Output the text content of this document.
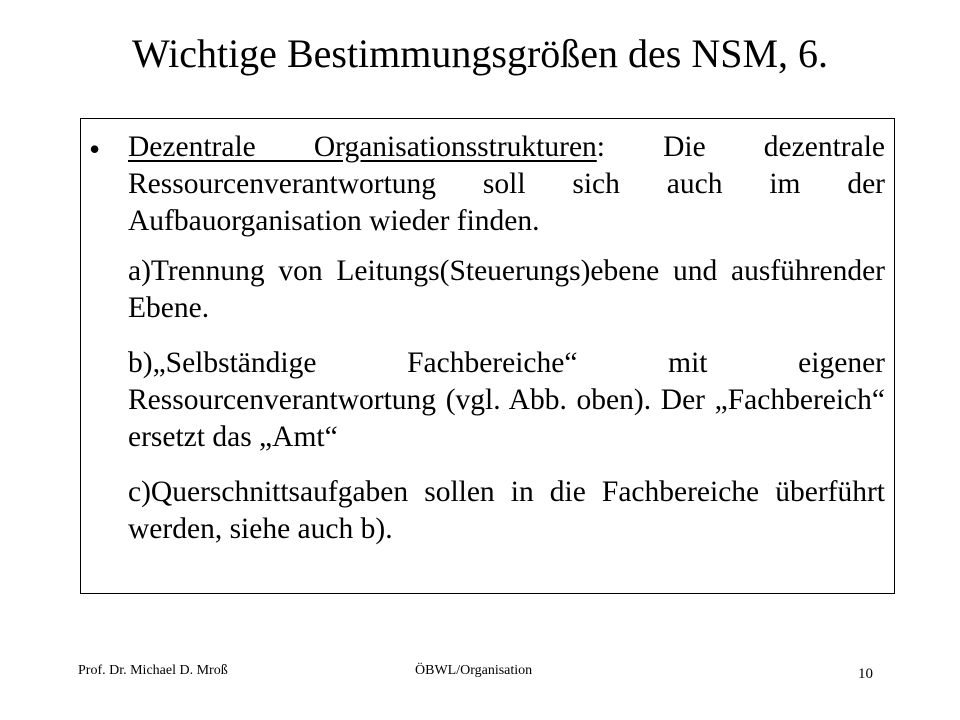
Wichtige Bestimmungsgrößen des NSM, 6.
• Dezentrale Organisationsstrukturen: Die dezentrale Ressourcenverantwortung soll sich auch im der Aufbauorganisation wieder finden.

a)Trennung von Leitungs(Steuerungs)ebene und ausführender Ebene.

b)„Selbständige Fachbereiche“ mit eigener Ressourcenverantwortung (vgl. Abb. oben). Der „Fachbereich“ ersetzt das „Amt“

c)Querschnittsaufgaben sollen in die Fachbereiche überführt werden, siehe auch b).

Prof. Dr. Michael D. Mroß	ÖBWL/Organisation	10
